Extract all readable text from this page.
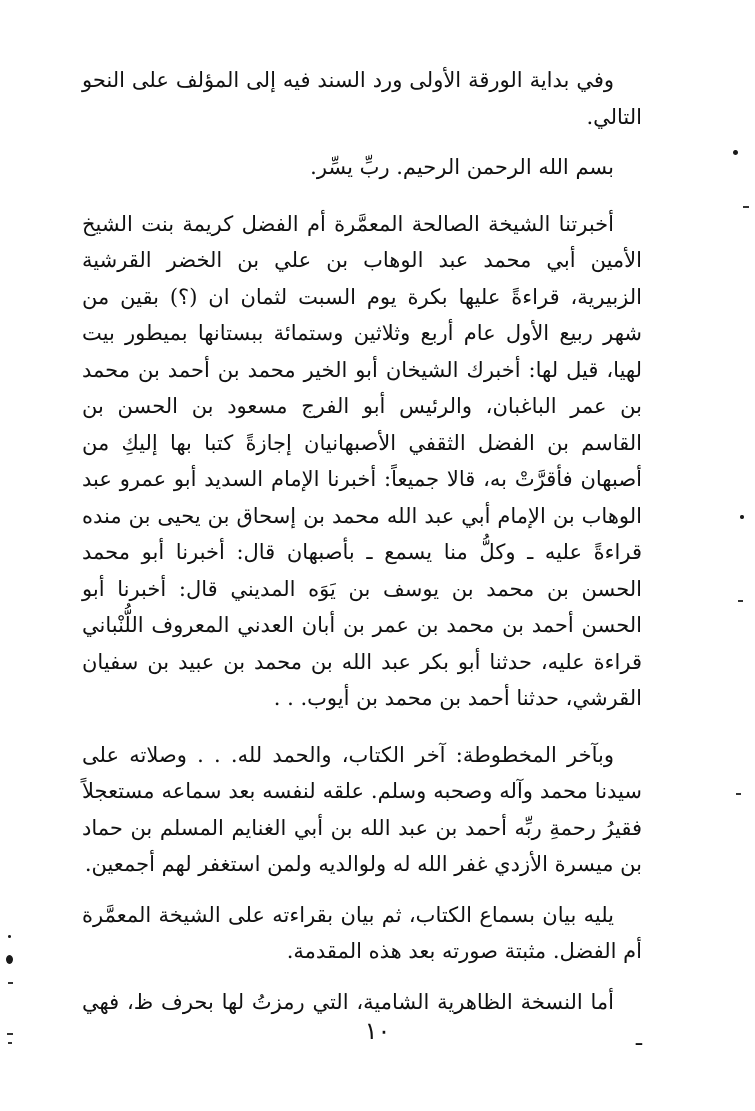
وفي بداية الورقة الأولى ورد السند فيه إلى المؤلف على النحو التالي.

بسم الله الرحمن الرحيم. ربِّ يسِّر.

أخبرتنا الشيخة الصالحة المعمَّرة أم الفضل كريمة بنت الشيخ الأمين أبي محمد عبد الوهاب بن علي بن الخضر القرشية الزبيرية، قراءةً عليها بكرة يوم السبت لثمان ان (؟) بقين من شهر ربيع الأول عام أربع وثلاثين وستمائة ببستانها بميطور بيت لهيا، قيل لها: أخبرك الشيخان أبو الخير محمد بن أحمد بن محمد بن عمر الباغبان، والرئيس أبو الفرج مسعود بن الحسن بن القاسم بن الفضل الثقفي الأصبهانيان إجازةً كتبا بها إليكِ من أصبهان فأقرَّتْ به، قالا جميعاً: أخبرنا الإمام السديد أبو عمرو عبد الوهاب بن الإمام أبي عبد الله محمد بن إسحاق بن يحيى بن منده قراءةً عليه ـ وكلُّ منا يسمع ـ بأصبهان قال: أخبرنا أبو محمد الحسن بن محمد بن يوسف بن يَوَه المديني قال: أخبرنا أبو الحسن أحمد بن محمد بن عمر بن أبان العدني المعروف اللُّنْباني قراءة عليه، حدثنا أبو بكر عبد الله بن محمد بن عبيد بن سفيان القرشي، حدثنا أحمد بن محمد بن أيوب. . .

وبآخر المخطوطة: آخر الكتاب، والحمد لله. . . وصلاته على سيدنا محمد وآله وصحبه وسلم. علقه لنفسه بعد سماعه مستعجلاً فقيرُ رحمةِ ربِّه أحمد بن عبد الله بن أبي الغنايم المسلم بن حماد بن ميسرة الأزدي غفر الله له ولوالديه ولمن استغفر لهم أجمعين.

يليه بيان بسماع الكتاب، ثم بيان بقراءته على الشيخة المعمَّرة أم الفضل. مثبتة صورته بعد هذه المقدمة.

أما النسخة الظاهرية الشامية، التي رمزتُ لها بحرف ظ، فهي ـ

١٠
